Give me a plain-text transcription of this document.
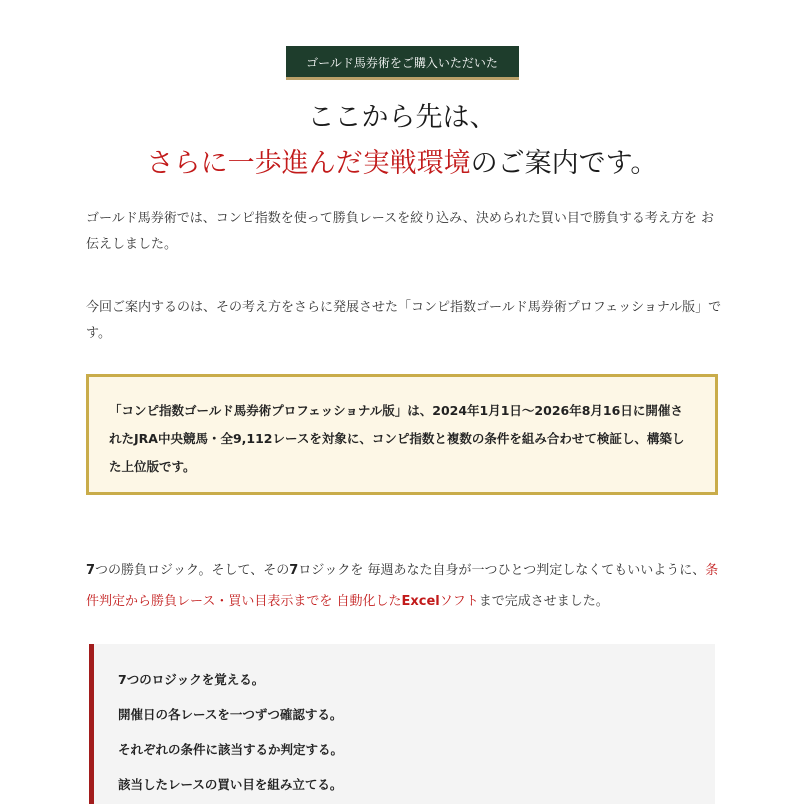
ゴールド馬券術をご購入いただいた方へ
ここから先は、
さらに一歩進んだ実戦環境のご案内です。

ゴールド馬券術では、コンピ指数を使って勝負レースを絞り込み、決められた買い目で勝負する考え方を お伝えしました。

今回ご案内するのは、その考え方をさらに発展させた「コンピ指数ゴールド馬券術プロフェッショナル版」です。

「コンピ指数ゴールド馬券術プロフェッショナル版」は、2024年1月1日〜2026年8月16日に開催されたJRA中央競馬・全9,112レースを対象に、コンピ指数と複数の条件を組み合わせて検証し、構築した上位版です。

7つの勝負ロジック。そして、その7ロジックを 毎週あなた自身が一つひとつ判定しなくてもいいように、条件判定から勝負レース・買い目表示までを 自動化したExcelソフトまで完成させました。

7つのロジックを覚える。
開催日の各レースを一つずつ確認する。
それぞれの条件に該当するか判定する。
該当したレースの買い目を組み立てる。
